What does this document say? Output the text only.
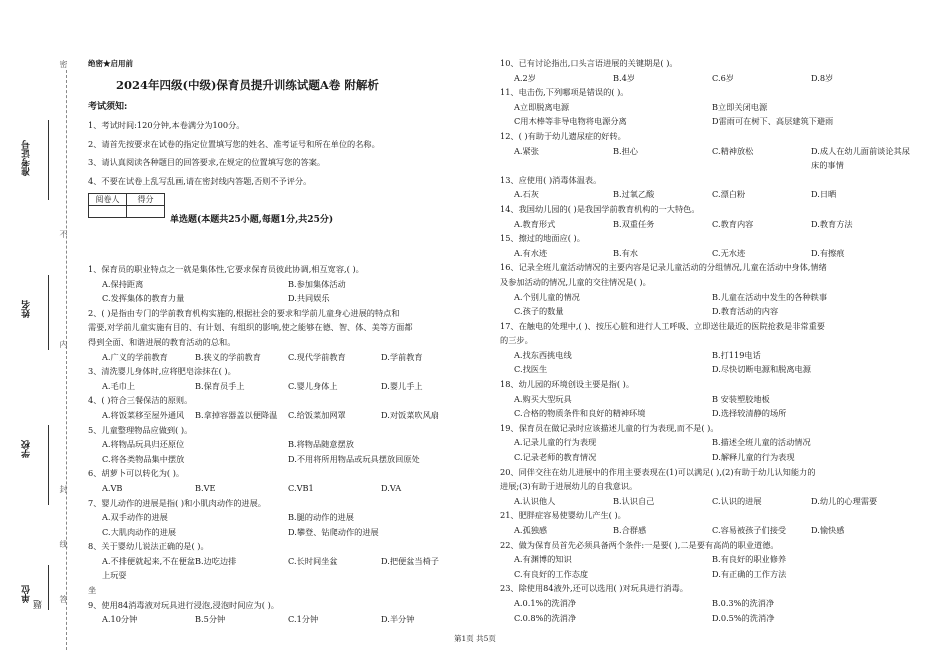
准考证号
姓名
学校
单位
题
密
不
内
封
线
答
绝密★启用前
2024年四级(中级)保育员提升训练试题A卷 附解析
考试须知:
1、考试时间:120分钟,本卷满分为100分。
2、请首先按要求在试卷的指定位置填写您的姓名、准考证号和所在单位的名称。
3、请认真阅读各种题目的回答要求,在规定的位置填写您的答案。
4、不要在试卷上乱写乱画,请在密封线内答题,否则不予评分。
阅卷人	得分

单选题(本题共25小题,每题1分,共25分)
1、保育员的职业特点之一就是集体性,它要求保育员彼此协调,相互宽容,( )。
A.保持距离	B.参加集体活动
C.发挥集体的教育力量	D.共同娱乐
2、( )是指由专门的学前教育机构实施的,根据社会的要求和学前儿童身心进展的特点和
需要,对学前儿童实施有目的、有计划、有组织的影响,使之能够在德、智、体、美等方面都
得到全面、和谐进展的教育活动的总和。
A.广义的学前教育	B.狭义的学前教育	C.现代学前教育	D.学前教育
3、清洗婴儿身体时,应将肥皂涂抹在( )。
A.毛巾上	B.保育员手上	C.婴儿身体上	D.婴儿手上
4、( )符合三餐保洁的原则。
A.将饭菜移至屋外通风	B.拿掉容器盖以便降温	C.给饭菜加网罩	D.对饭菜吹风扇
5、儿童整理物品应做到( )。
A.将物品玩具归还原位	B.将物品随意摆放
C.将各类物品集中摆放	D.不用将所用物品或玩具摆放回原处
6、胡萝卜可以转化为( )。
A.VB	B.VE	C.VB1	D.VA
7、婴儿动作的进展是指( )和小肌肉动作的进展。
A.双手动作的进展	B.腿的动作的进展
C.大肌肉动作的进展	D.攀登、钻爬动作的进展
8、关于婴幼儿说法正确的是( )。
A.不排便就起来,不在便盆上玩耍
B.边吃边排	C.长时间坐盆	D.把便盆当椅子
坐
9、使用84消毒液对玩具进行浸泡,浸泡时间应为( )。
A.10分钟	B.5分钟	C.1分钟	D.半分钟
10、已有讨论指出,口头言语进展的关键期是( )。
A.2岁	B.4岁	C.6岁	D.8岁
11、电击伤,下列哪项是错误的( )。
A立即脱离电源	B立即关闭电源
C用木棒等非导电物将电源分离	D雷雨可在树下、高层建筑下避雨
12、( )有助于幼儿遗尿症的好转。
A.紧张	B.担心	C.精神放松	D.成人在幼儿面前谈论其尿床的事情
13、应使用( )消毒体温表。
A.石灰	B.过氧乙酸	C.漂白粉	D.日晒
14、我国幼儿园的( )是我国学前教育机构的一大特色。
A.教育形式	B.双重任务	C.教育内容	D.教育方法
15、擦过的地面应( )。
A.有水迹	B.有水	C.无水迹	D.有擦痕
16、记录全班儿童活动情况的主要内容是记录儿童活动的分组情况,儿童在活动中身体,情绪
及参加活动的情况,儿童的交往情况是( )。
A.个别儿童的情况	B.儿童在活动中发生的各种轶事
C.孩子的数量	D.教育活动的内容
17、在触电的处理中,( )、按压心脏和进行人工呼吸、立即送往最近的医院抢救是非常重要
的三步。
A.找东西挑电线	B.打119电话
C.找医生	D.尽快切断电源和脱离电源
18、幼儿园的环境创设主要是指( )。
A.购买大型玩具	B 安装塑胶地板
C.合格的物质条件和良好的精神环境	D.选择较清静的场所
19、保育员在做记录时应该描述儿童的行为表现,而不是( )。
A.记录儿童的行为表现	B.描述全班儿童的活动情况
C.记录老师的教育情况	D.解释儿童的行为表现
20、同伴交往在幼儿进展中的作用主要表现在(1)可以满足( ),(2)有助于幼儿认知能力的
进展;(3)有助于进展幼儿的自我意识。
A.认识他人	B.认识自己	C.认识的进展	D.幼儿的心理需要
21、肥胖症容易使婴幼儿产生( )。
A.孤独感	B.合群感	C.容易被孩子们接受	D.愉快感
22、做为保育员首先必须具备两个条件:一是要( ),二是要有高尚的职业道德。
A.有渊博的知识	B.有良好的职业修养
C.有良好的工作态度	D.有正确的工作方法
23、除使用84液外,还可以选用( )对玩具进行消毒。
A.0.1%的洗消净	B.0.3%的洗消净
C.0.8%的洗消净	D.0.5%的洗消净
第1页 共5页
